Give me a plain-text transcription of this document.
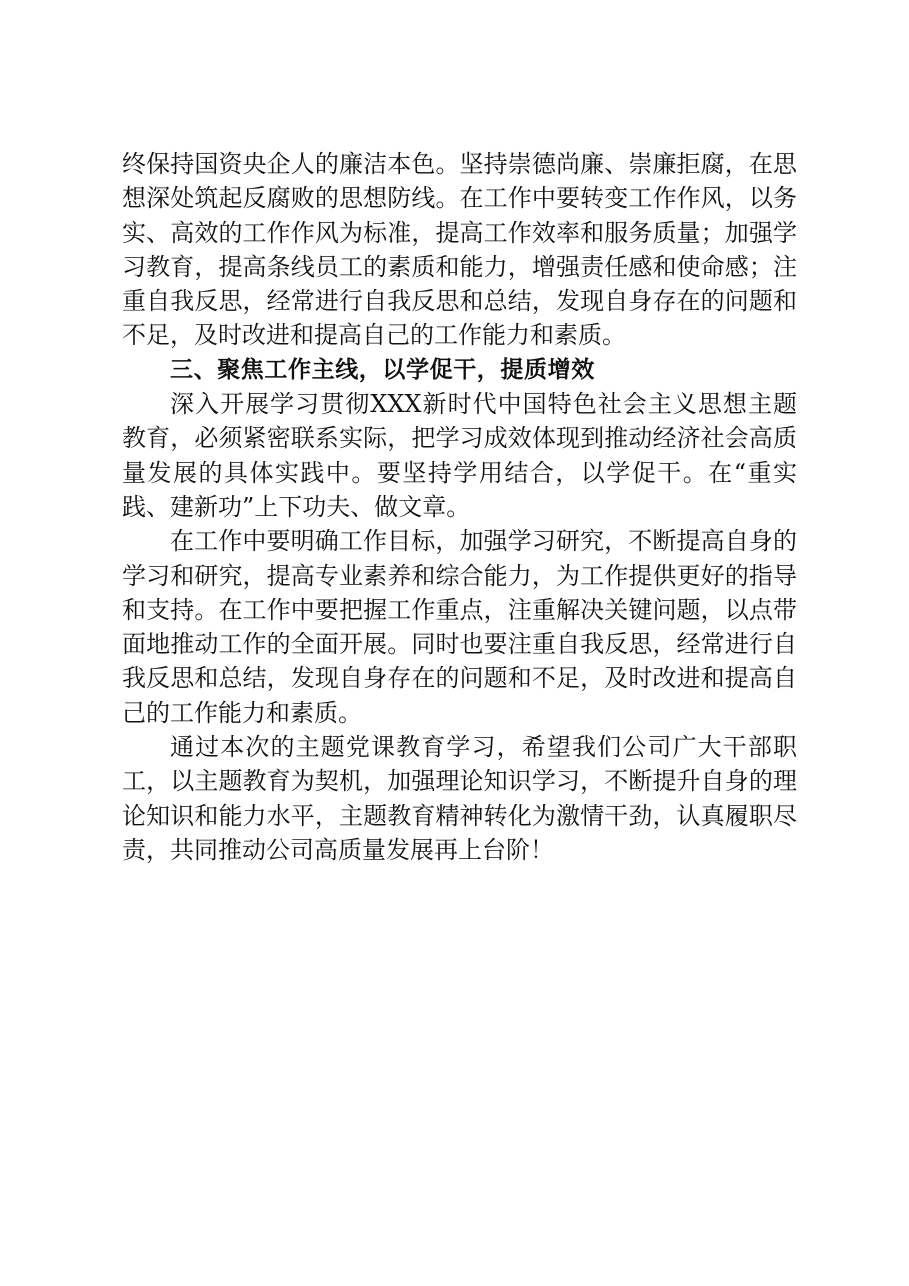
终保持国资央企人的廉洁本色。坚持崇德尚廉、崇廉拒腐，在思想深处筑起反腐败的思想防线。在工作中要转变工作作风，以务实、高效的工作作风为标准，提高工作效率和服务质量；加强学习教育，提高条线员工的素质和能力，增强责任感和使命感；注重自我反思，经常进行自我反思和总结，发现自身存在的问题和不足，及时改进和提高自己的工作能力和素质。

三、聚焦工作主线，以学促干，提质增效

深入开展学习贯彻XXX新时代中国特色社会主义思想主题教育，必须紧密联系实际，把学习成效体现到推动经济社会高质量发展的具体实践中。要坚持学用结合，以学促干。在“重实践、建新功”上下功夫、做文章。

在工作中要明确工作目标，加强学习研究，不断提高自身的学习和研究，提高专业素养和综合能力，为工作提供更好的指导和支持。在工作中要把握工作重点，注重解决关键问题，以点带面地推动工作的全面开展。同时也要注重自我反思，经常进行自我反思和总结，发现自身存在的问题和不足，及时改进和提高自己的工作能力和素质。

通过本次的主题党课教育学习，希望我们公司广大干部职工，以主题教育为契机，加强理论知识学习，不断提升自身的理论知识和能力水平，主题教育精神转化为激情干劲，认真履职尽责，共同推动公司高质量发展再上台阶！
